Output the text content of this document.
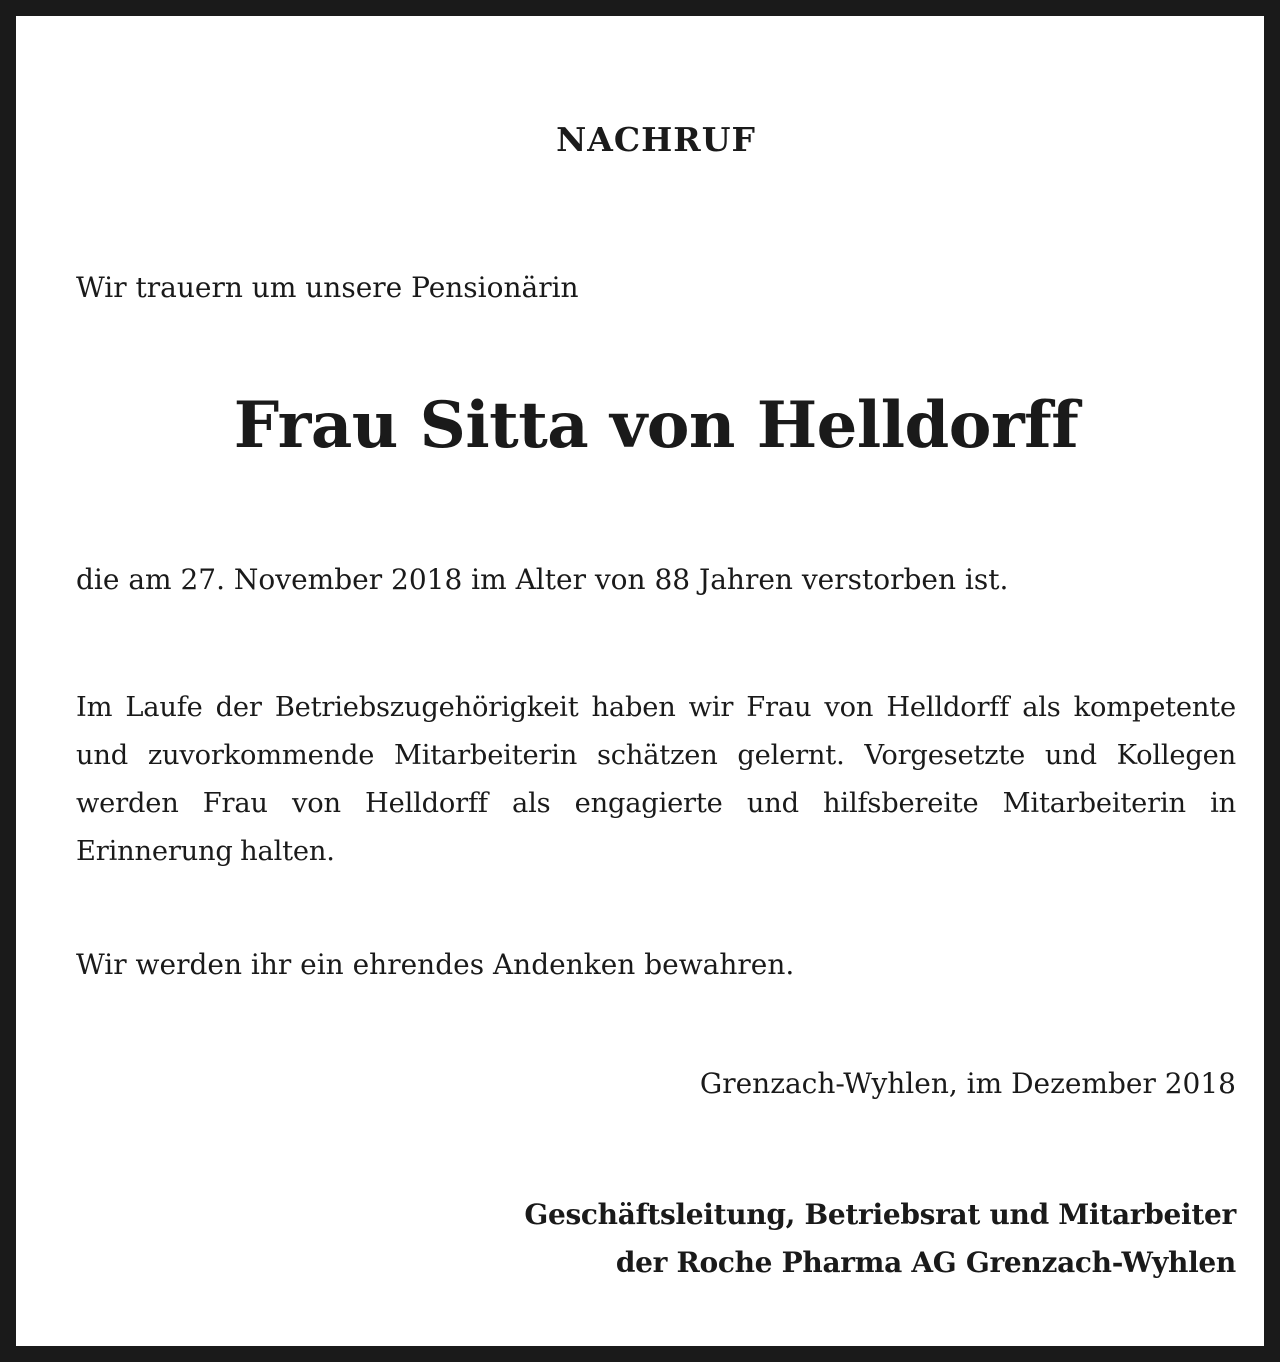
NACHRUF
Wir trauern um unsere Pensionärin
Frau Sitta von Helldorff
die am 27. November 2018 im Alter von 88 Jahren verstorben ist.
Im Laufe der Betriebszugehörigkeit haben wir Frau von Helldorff als kompetente und zuvorkommende Mitarbeiterin schätzen gelernt. Vorgesetzte und Kollegen werden Frau von Helldorff als engagierte und hilfsbereite Mitarbeiterin in Erinnerung halten.
Wir werden ihr ein ehrendes Andenken bewahren.
Grenzach-Wyhlen, im Dezember 2018
Geschäftsleitung, Betriebsrat und Mitarbeiter
der Roche Pharma AG Grenzach-Wyhlen
